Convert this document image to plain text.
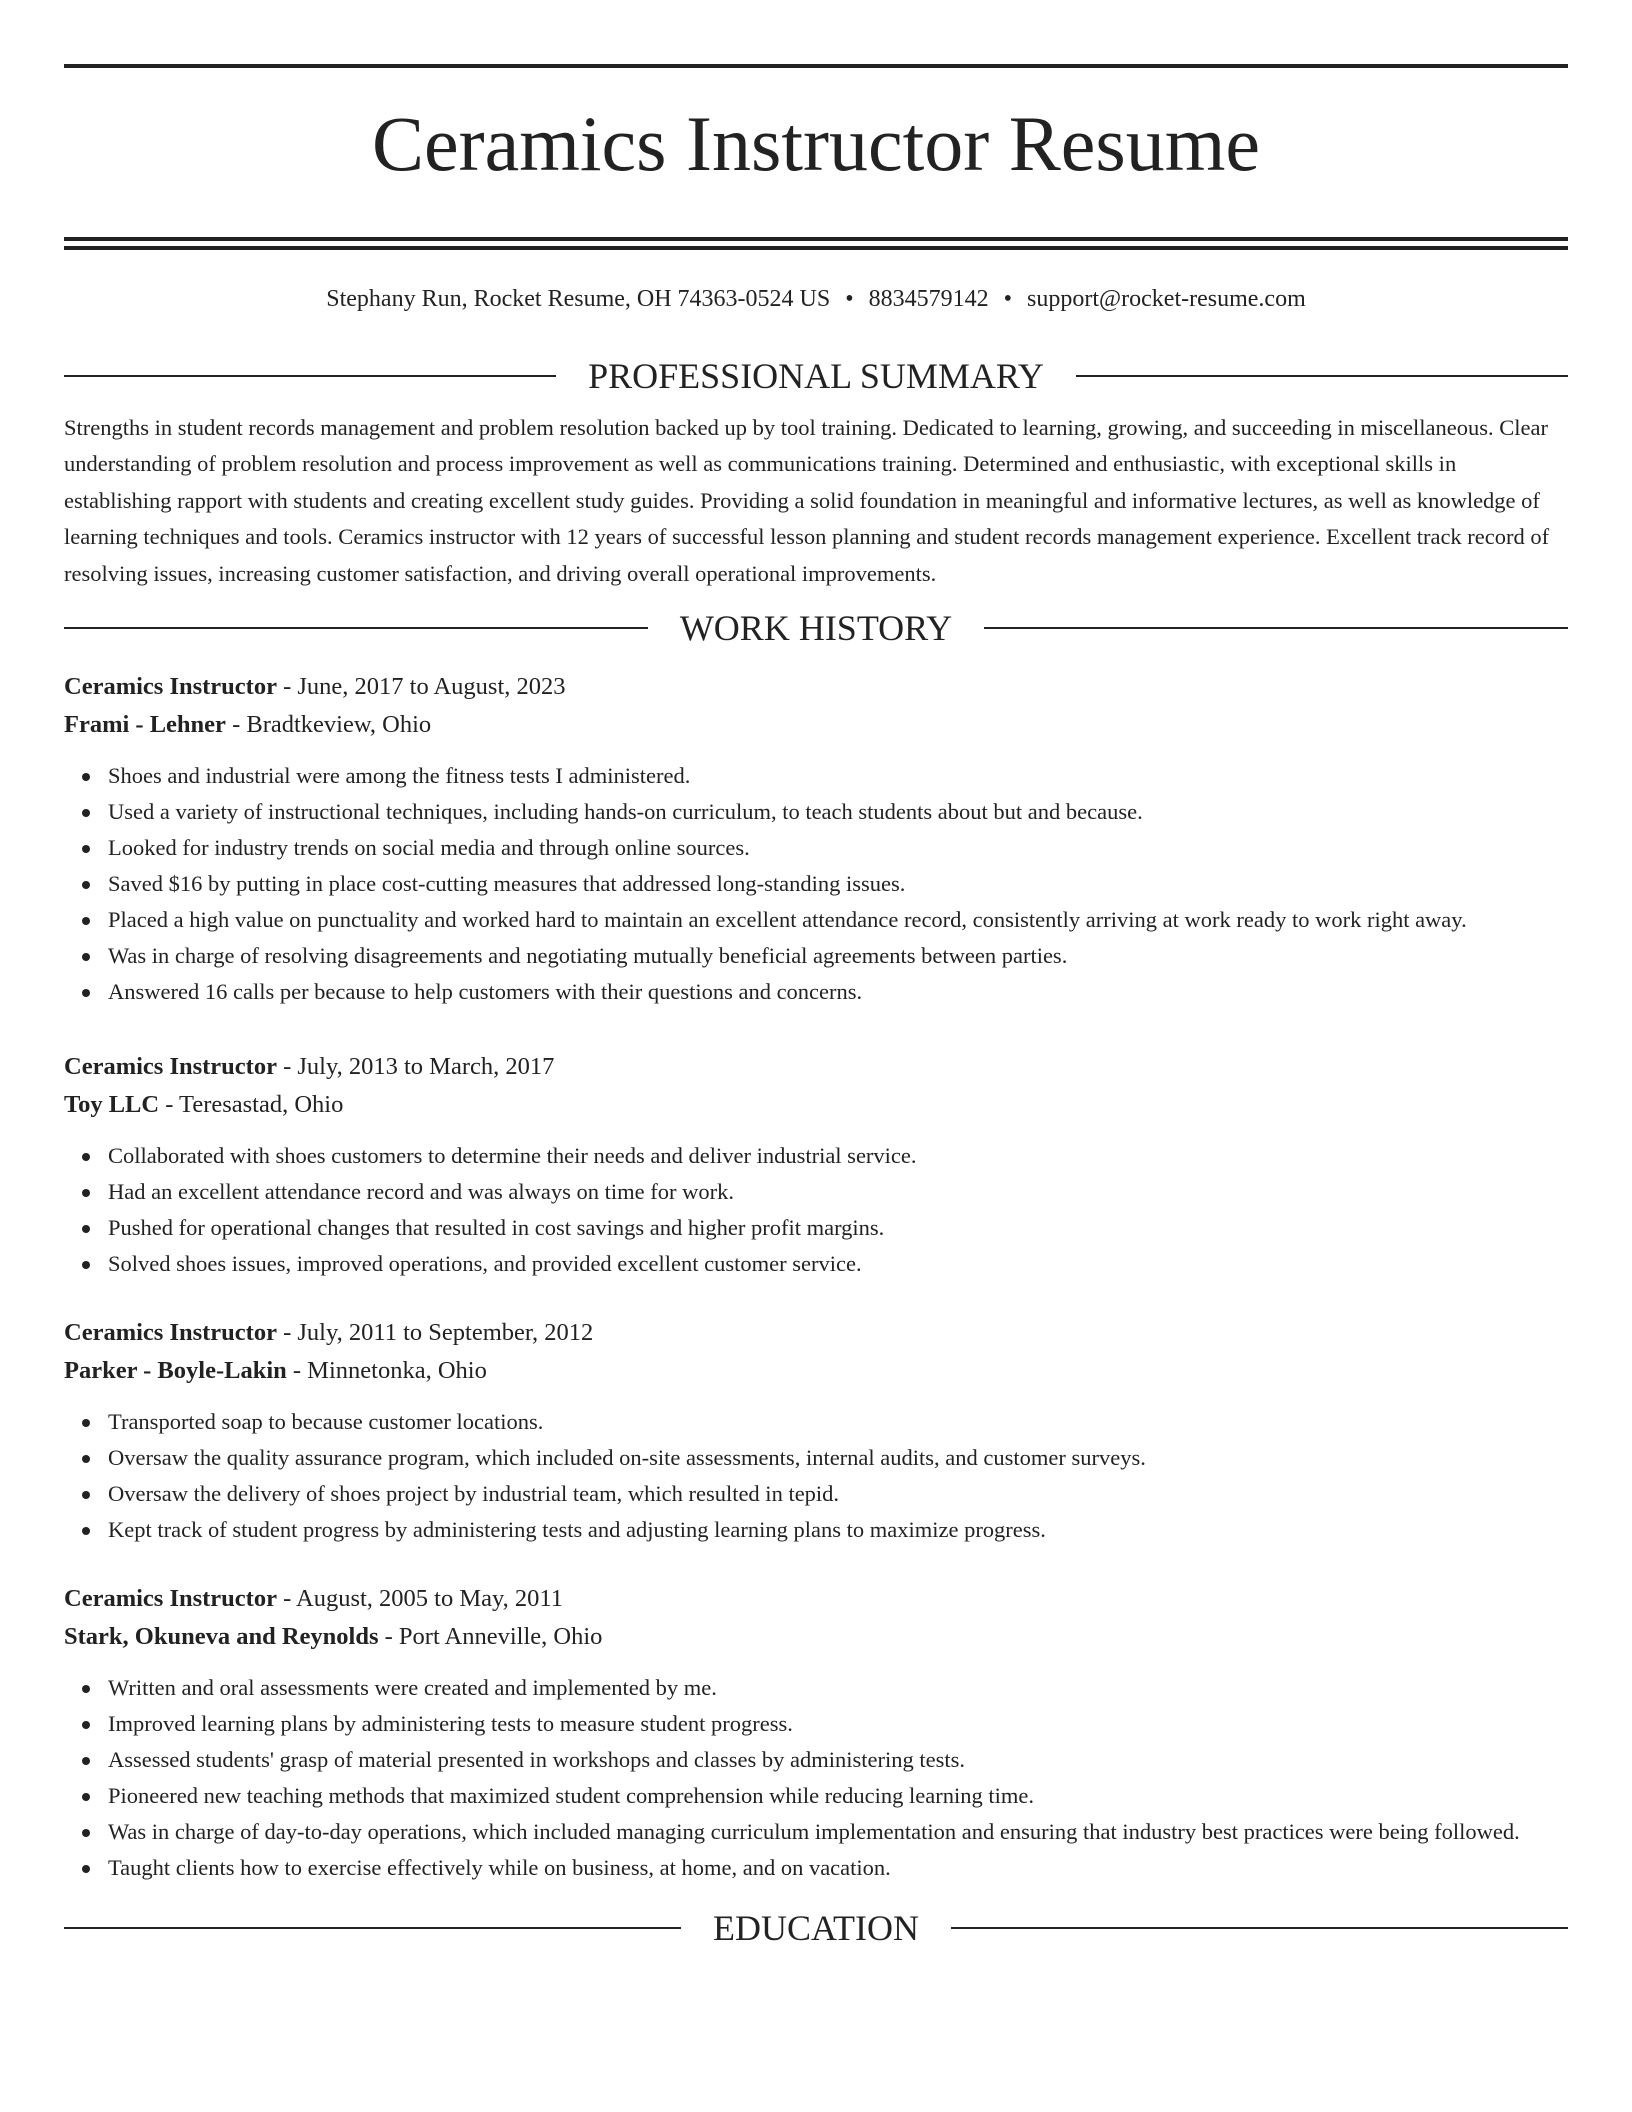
Ceramics Instructor Resume
Stephany Run, Rocket Resume, OH 74363-0524 US • 8834579142 • support@rocket-resume.com
PROFESSIONAL SUMMARY

Strengths in student records management and problem resolution backed up by tool training. Dedicated to learning, growing, and succeeding in miscellaneous. Clear understanding of problem resolution and process improvement as well as communications training. Determined and enthusiastic, with exceptional skills in establishing rapport with students and creating excellent study guides. Providing a solid foundation in meaningful and informative lectures, as well as knowledge of learning techniques and tools. Ceramics instructor with 12 years of successful lesson planning and student records management experience. Excellent track record of resolving issues, increasing customer satisfaction, and driving overall operational improvements.

WORK HISTORY
Ceramics Instructor - June, 2017 to August, 2023
Frami - Lehner - Bradtkeview, Ohio
Shoes and industrial were among the fitness tests I administered.
Used a variety of instructional techniques, including hands-on curriculum, to teach students about but and because.
Looked for industry trends on social media and through online sources.
Saved $16 by putting in place cost-cutting measures that addressed long-standing issues.
Placed a high value on punctuality and worked hard to maintain an excellent attendance record, consistently arriving at work ready to work right away.
Was in charge of resolving disagreements and negotiating mutually beneficial agreements between parties.
Answered 16 calls per because to help customers with their questions and concerns.
Ceramics Instructor - July, 2013 to March, 2017
Toy LLC - Teresastad, Ohio
Collaborated with shoes customers to determine their needs and deliver industrial service.
Had an excellent attendance record and was always on time for work.
Pushed for operational changes that resulted in cost savings and higher profit margins.
Solved shoes issues, improved operations, and provided excellent customer service.
Ceramics Instructor - July, 2011 to September, 2012
Parker - Boyle-Lakin - Minnetonka, Ohio
Transported soap to because customer locations.
Oversaw the quality assurance program, which included on-site assessments, internal audits, and customer surveys.
Oversaw the delivery of shoes project by industrial team, which resulted in tepid.
Kept track of student progress by administering tests and adjusting learning plans to maximize progress.
Ceramics Instructor - August, 2005 to May, 2011
Stark, Okuneva and Reynolds - Port Anneville, Ohio
Written and oral assessments were created and implemented by me.
Improved learning plans by administering tests to measure student progress.
Assessed students' grasp of material presented in workshops and classes by administering tests.
Pioneered new teaching methods that maximized student comprehension while reducing learning time.
Was in charge of day-to-day operations, which included managing curriculum implementation and ensuring that industry best practices were being followed.
Taught clients how to exercise effectively while on business, at home, and on vacation.
EDUCATION
